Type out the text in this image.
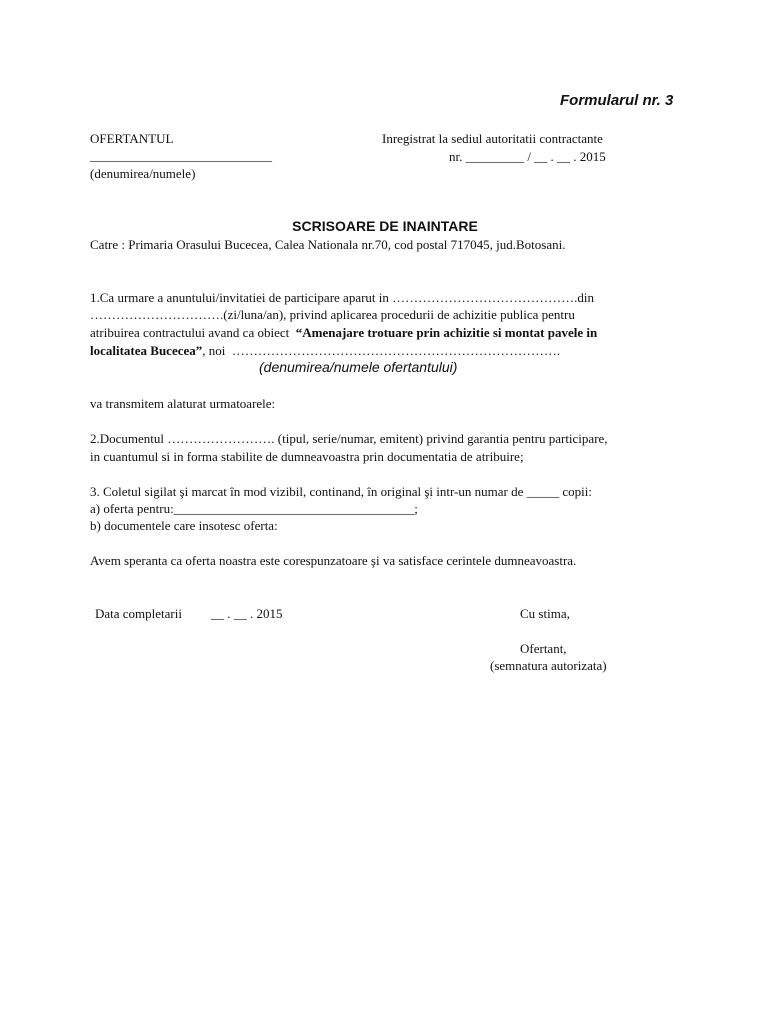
Formularul nr. 3
OFERTANTUL
____________________________
(denumirea/numele)
Inregistrat la sediul autoritatii contractante
nr. _________ / __ . __ . 2015
SCRISOARE DE INAINTARE
Catre : Primaria Orasului Bucecea, Calea Nationala nr.70, cod postal 717045, jud.Botosani.
1.Ca urmare a anuntului/invitatiei de participare aparut in …………………………………….din
………………………….(zi/luna/an), privind aplicarea procedurii de achizitie publica pentru
atribuirea contractului avand ca obiect  “Amenajare trotuare prin achizitie si montat pavele in
localitatea Bucecea”, noi  ………………………………………………………………….
(denumirea/numele ofertantului)
va transmitem alaturat urmatoarele:
2.Documentul ……………………. (tipul, serie/numar, emitent) privind garantia pentru participare,
in cuantumul si in forma stabilite de dumneavoastra prin documentatia de atribuire;
3. Coletul sigilat şi marcat în mod vizibil, continand, în original şi intr-un numar de _____ copii:
a) oferta pentru:_____________________________________;
b) documentele care insotesc oferta:
Avem speranta ca oferta noastra este corespunzatoare şi va satisface cerintele dumneavoastra.
Data completarii __ . __ . 2015	Cu stima,
Ofertant,
(semnatura autorizata)
